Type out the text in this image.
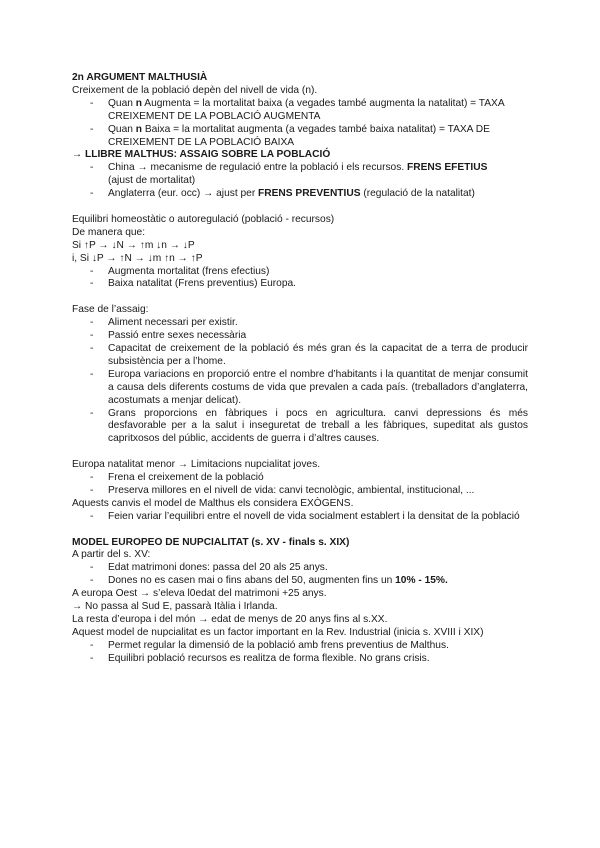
2n ARGUMENT MALTHUSIÀ
Creixement de la població depèn del nivell de vida (n).
- Quan n Augmenta = la mortalitat baixa (a vegades també augmenta la natalitat) = TAXA CREIXEMENT DE LA POBLACIÓ AUGMENTA
- Quan n Baixa = la mortalitat augmenta (a vegades també baixa natalitat) = TAXA DE CREIXEMENT DE LA POBLACIÓ BAIXA
→ LLIBRE MALTHUS: ASSAIG SOBRE LA POBLACIÓ
- China → mecanisme de regulació entre la població i els recursos. FRENS EFETIUS
(ajust de mortalitat)
- Anglaterra (eur. occ) → ajust per FRENS PREVENTIUS (regulació de la natalitat)
Equilibri homeostàtic o autoregulació (població - recursos)
De manera que:
Si ↑P → ↓N → ↑m ↓n → ↓P
i, Si ↓P → ↑N → ↓m ↑n → ↑P
- Augmenta mortalitat (frens efectius)
- Baixa natalitat (Frens preventius) Europa.
Fase de l’assaig:
- Aliment necessari per existir.
- Passió entre sexes necessària
- Capacitat de creixement de la població és més gran és la capacitat de a terra de producir subsistència per a l’home.
- Europa variacions en proporció entre el nombre d’habitants i la quantitat de menjar consumit a causa dels diferents costums de vida que prevalen a cada país. (treballadors d’anglaterra, acostumats a menjar delicat).
- Grans proporcions en fàbriques i pocs en agricultura. canvi depressions és més desfavorable per a la salut i inseguretat de treball a les fàbriques, supeditat als gustos capritxosos del públic, accidents de guerra i d’altres causes.
Europa natalitat menor → Limitacions nupcialitat joves.
- Frena el creixement de la població
- Preserva millores en el nivell de vida: canvi tecnològic, ambiental, institucional, ...
Aquests canvis el model de Malthus els considera EXÒGENS.
- Feien variar l’equilibri entre el novell de vida socialment establert i la densitat de la població
MODEL EUROPEO DE NUPCIALITAT (s. XV - finals s. XIX)
A partir del s. XV:
- Edat matrimoni dones: passa del 20 als 25 anys.
- Dones no es casen mai o fins abans del 50, augmenten fins un 10% - 15%.
A europa Oest → s’eleva l0edat del matrimoni +25 anys.
→ No passa al Sud E, passarà Itàlia i Irlanda.
La resta d’europa i del món → edat de menys de 20 anys fins al s.XX.
Aquest model de nupcialitat es un factor important en la Rev. Industrial (inicia s. XVIII i XIX)
- Permet regular la dimensió de la població amb frens preventius de Malthus.
- Equilibri població recursos es realitza de forma flexible. No grans crisis.
